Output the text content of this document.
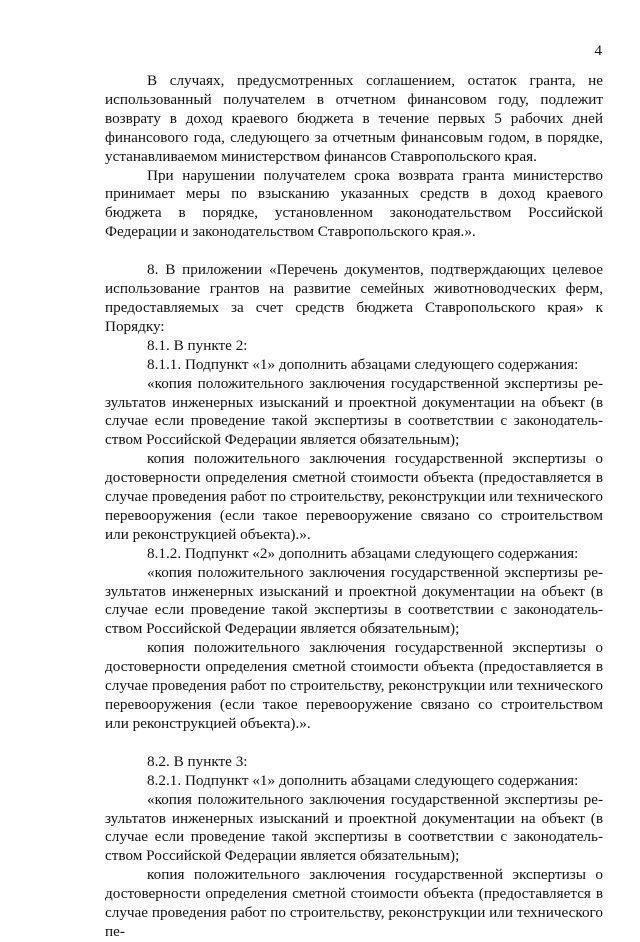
4

В случаях, предусмотренных соглашением, остаток гранта, не использованный получателем в отчетном финансовом году, подлежит возврату в доход краевого бюджета в течение первых 5 рабочих дней финансового года, следующего за отчетным финансовым годом, в порядке, устанавливаемом министерством финансов Ставропольского края.

При нарушении получателем срока возврата гранта министерство принимает меры по взысканию указанных средств в доход краевого бюджета в порядке, установленном законодательством Российской Федерации и законодательством Ставропольского края.».

8. В приложении «Перечень документов, подтверждающих целевое использование грантов на развитие семейных животноводческих ферм, предоставляемых за счет средств бюджета Ставропольского края» к Порядку:

8.1. В пункте 2:

8.1.1. Подпункт «1» дополнить абзацами следующего содержания:

«копия положительного заключения государственной экспертизы результатов инженерных изысканий и проектной документации на объект (в случае если проведение такой экспертизы в соответствии с законодательством Российской Федерации является обязательным);

копия положительного заключения государственной экспертизы о достоверности определения сметной стоимости объекта (предоставляется в случае проведения работ по строительству, реконструкции или технического перевооружения (если такое перевооружение связано со строительством или реконструкцией объекта).».

8.1.2. Подпункт «2» дополнить абзацами следующего содержания:

«копия положительного заключения государственной экспертизы результатов инженерных изысканий и проектной документации на объект (в случае если проведение такой экспертизы в соответствии с законодательством Российской Федерации является обязательным);

копия положительного заключения государственной экспертизы о достоверности определения сметной стоимости объекта (предоставляется в случае проведения работ по строительству, реконструкции или технического перевооружения (если такое перевооружение связано со строительством или реконструкцией объекта).».

8.2. В пункте 3:

8.2.1. Подпункт «1» дополнить абзацами следующего содержания:

«копия положительного заключения государственной экспертизы результатов инженерных изысканий и проектной документации на объект (в случае если проведение такой экспертизы в соответствии с законодательством Российской Федерации является обязательным);

копия положительного заключения государственной экспертизы о достоверности определения сметной стоимости объекта (предоставляется в случае проведения работ по строительству, реконструкции или технического пе-
